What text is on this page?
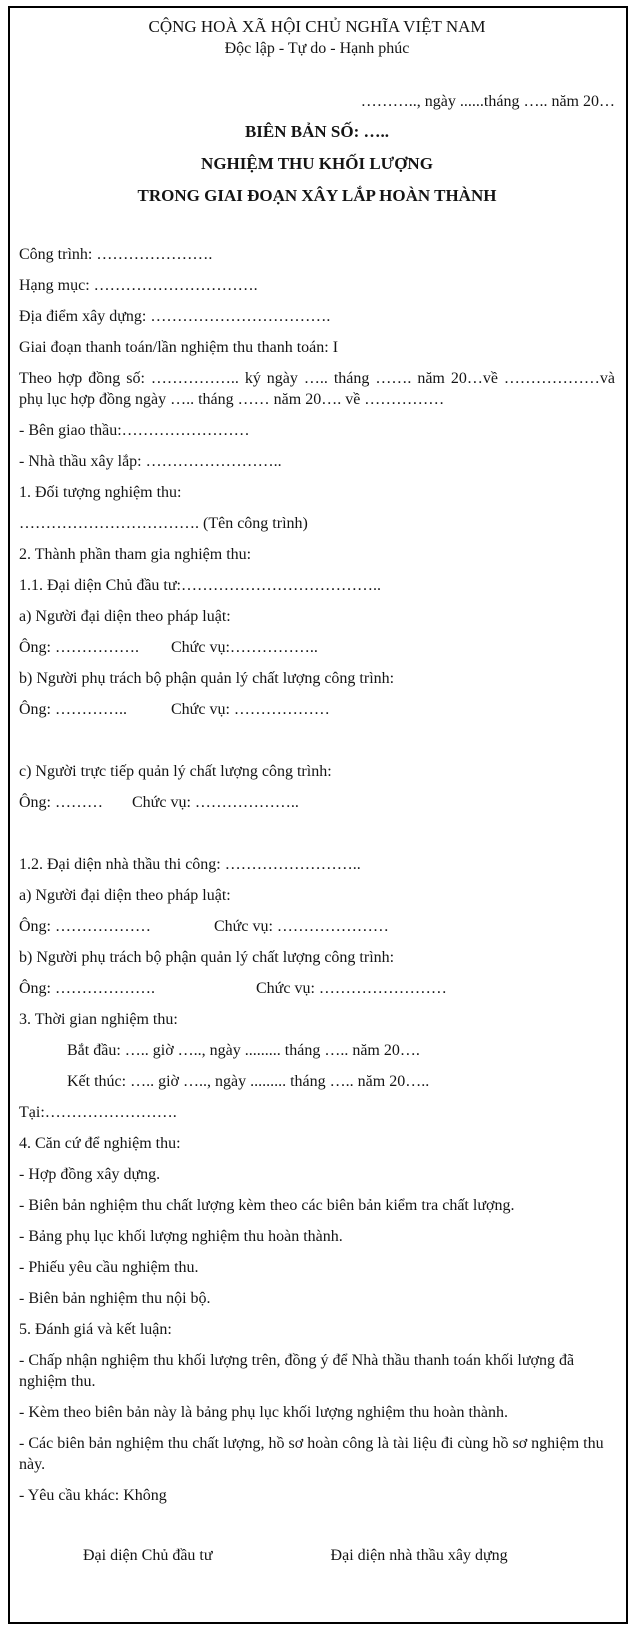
CỘNG HOÀ XÃ HỘI CHỦ NGHĨA VIỆT NAM

Độc lập - Tự do - Hạnh phúc

……….., ngày ......tháng ….. năm 20…

BIÊN BẢN SỐ: …..

NGHIỆM THU KHỐI LƯỢNG

TRONG GIAI ĐOẠN XÂY LẮP HOÀN THÀNH

Công trình: ………………….

Hạng mục: ………………………….

Địa điểm xây dựng: …………………………….

Giai đoạn thanh toán/lần nghiệm thu thanh toán: I

Theo hợp đồng số: …………….. ký ngày ….. tháng ……. năm 20…về ………………và phụ lục hợp đồng ngày ….. tháng …… năm 20…. về ……………

- Bên giao thầu:……………………

- Nhà thầu xây lắp: ……………………..

1. Đối tượng nghiệm thu:

……………………………. (Tên công trình)

2. Thành phần tham gia nghiệm thu:

1.1. Đại diện Chủ đầu tư:………………………………..

a) Người đại diện theo pháp luật:

Ông: ……………. Chức vụ:……………..

b) Người phụ trách bộ phận quản lý chất lượng công trình:

Ông: …………..	Chức vụ: ………………

c) Người trực tiếp quản lý chất lượng công trình:

Ông: ……… Chức vụ: ………………..

1.2. Đại diện nhà thầu thi công: ……………………..

a) Người đại diện theo pháp luật:

Ông: ………………	Chức vụ: …………………

b) Người phụ trách bộ phận quản lý chất lượng công trình:

Ông: ……………….	Chức vụ: ……………………

3. Thời gian nghiệm thu:

Bắt đầu: ….. giờ ….., ngày ......... tháng ….. năm 20….

Kết thúc: ….. giờ ….., ngày ......... tháng ….. năm 20…..

Tại:…………………….

4. Căn cứ để nghiệm thu:

- Hợp đồng xây dựng.

- Biên bản nghiệm thu chất lượng kèm theo các biên bản kiểm tra chất lượng.

- Bảng phụ lục khối lượng nghiệm thu hoàn thành.

- Phiếu yêu cầu nghiệm thu.

- Biên bản nghiệm thu nội bộ.

5. Đánh giá và kết luận:

- Chấp nhận nghiệm thu khối lượng trên, đồng ý để Nhà thầu thanh toán khối lượng đã nghiệm thu.

- Kèm theo biên bản này là bảng phụ lục khối lượng nghiệm thu hoàn thành.

- Các biên bản nghiệm thu chất lượng, hồ sơ hoàn công là tài liệu đi cùng hồ sơ nghiệm thu này.

- Yêu cầu khác: Không

Đại diện Chủ đầu tư	Đại diện nhà thầu xây dựng
